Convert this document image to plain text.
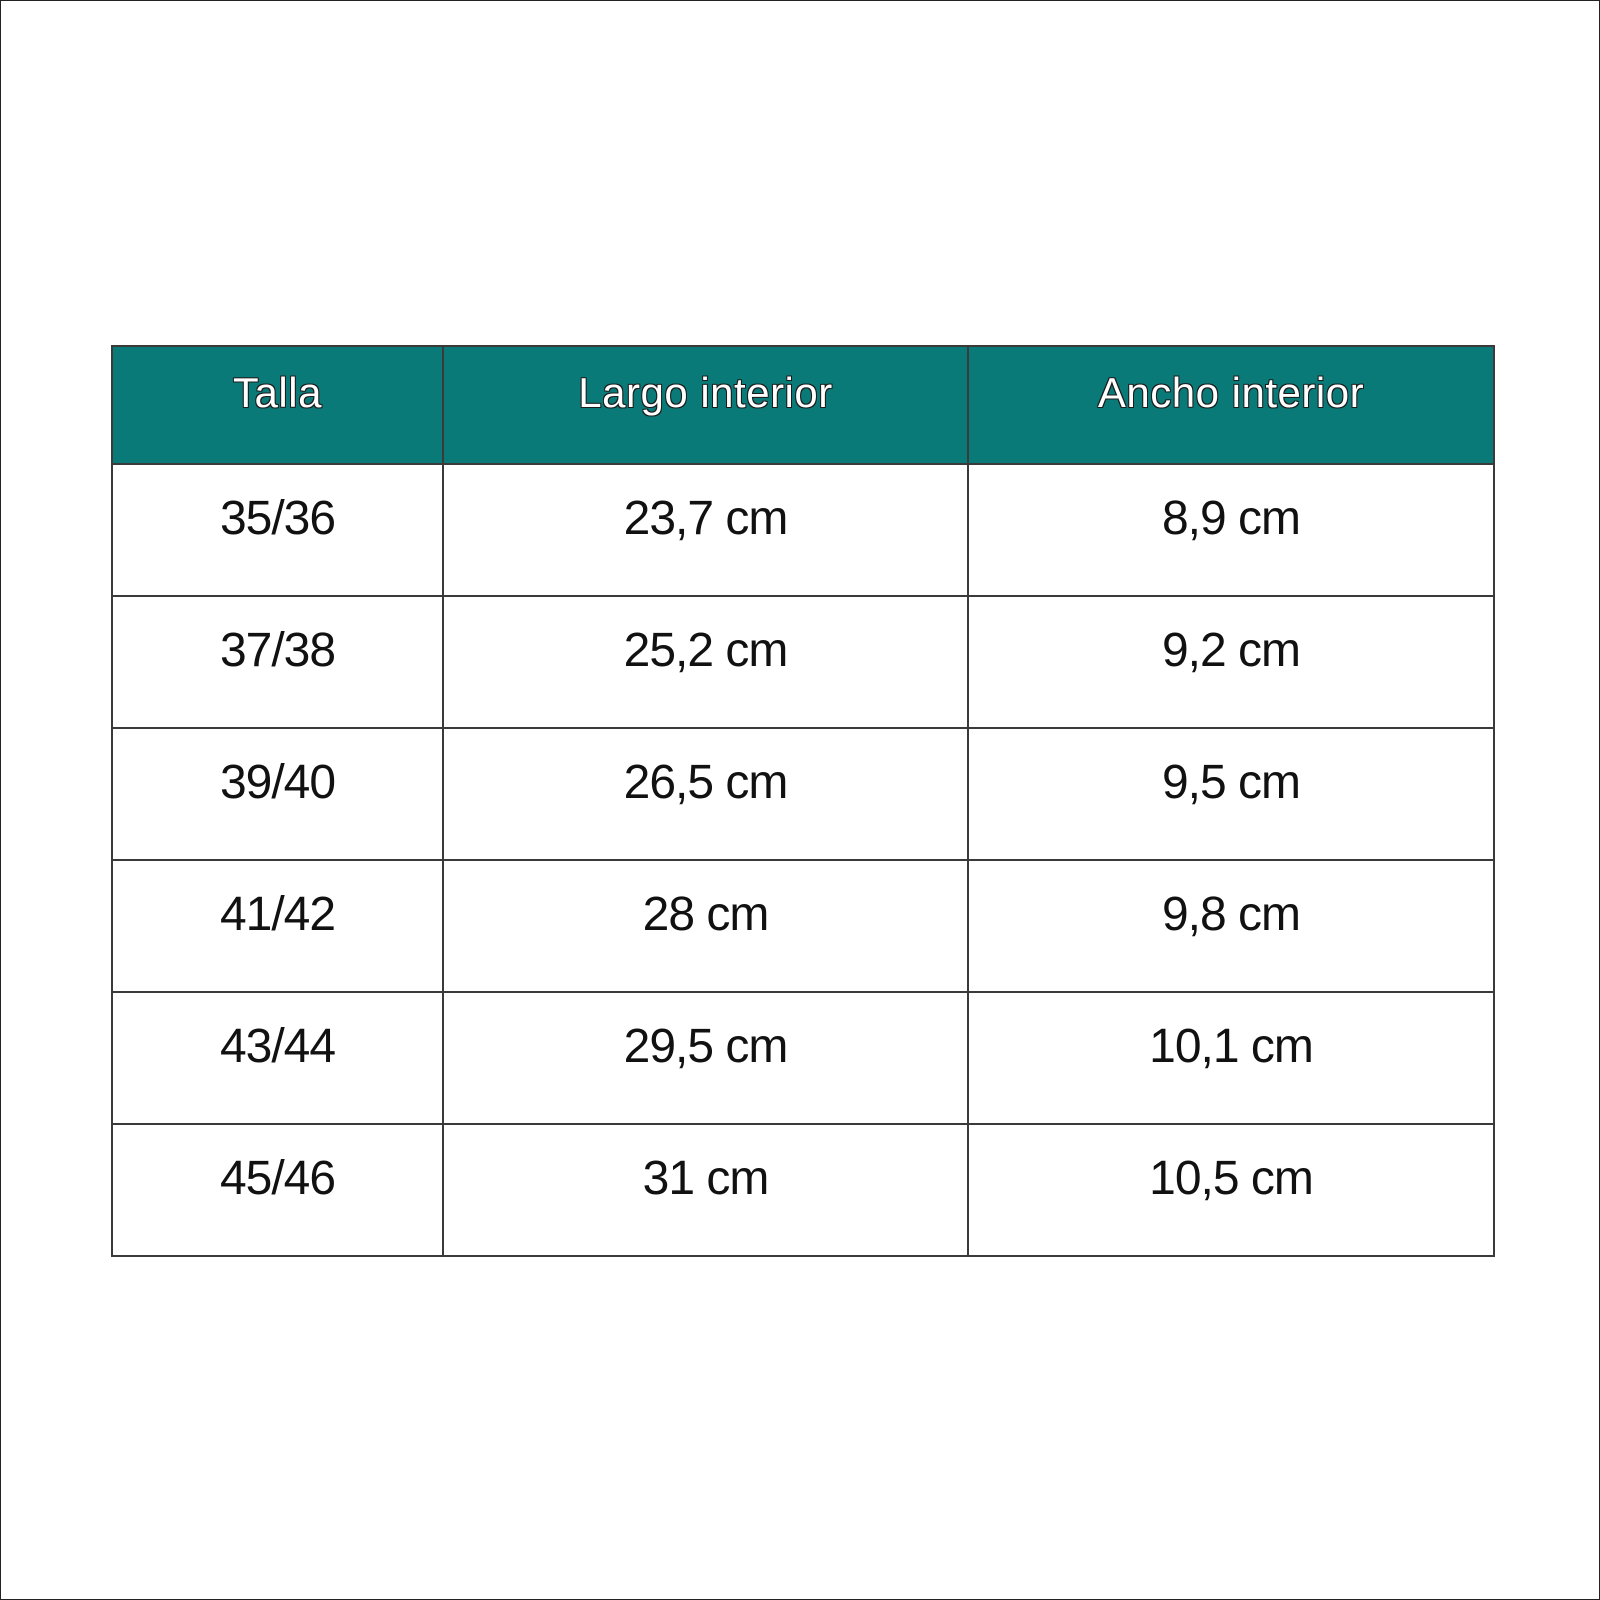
Talla	Largo interior	Ancho interior
35/36	23,7 cm	8,9 cm
37/38	25,2 cm	9,2 cm
39/40	26,5 cm	9,5 cm
41/42	28 cm	9,8 cm
43/44	29,5 cm	10,1 cm
45/46	31 cm	10,5 cm
